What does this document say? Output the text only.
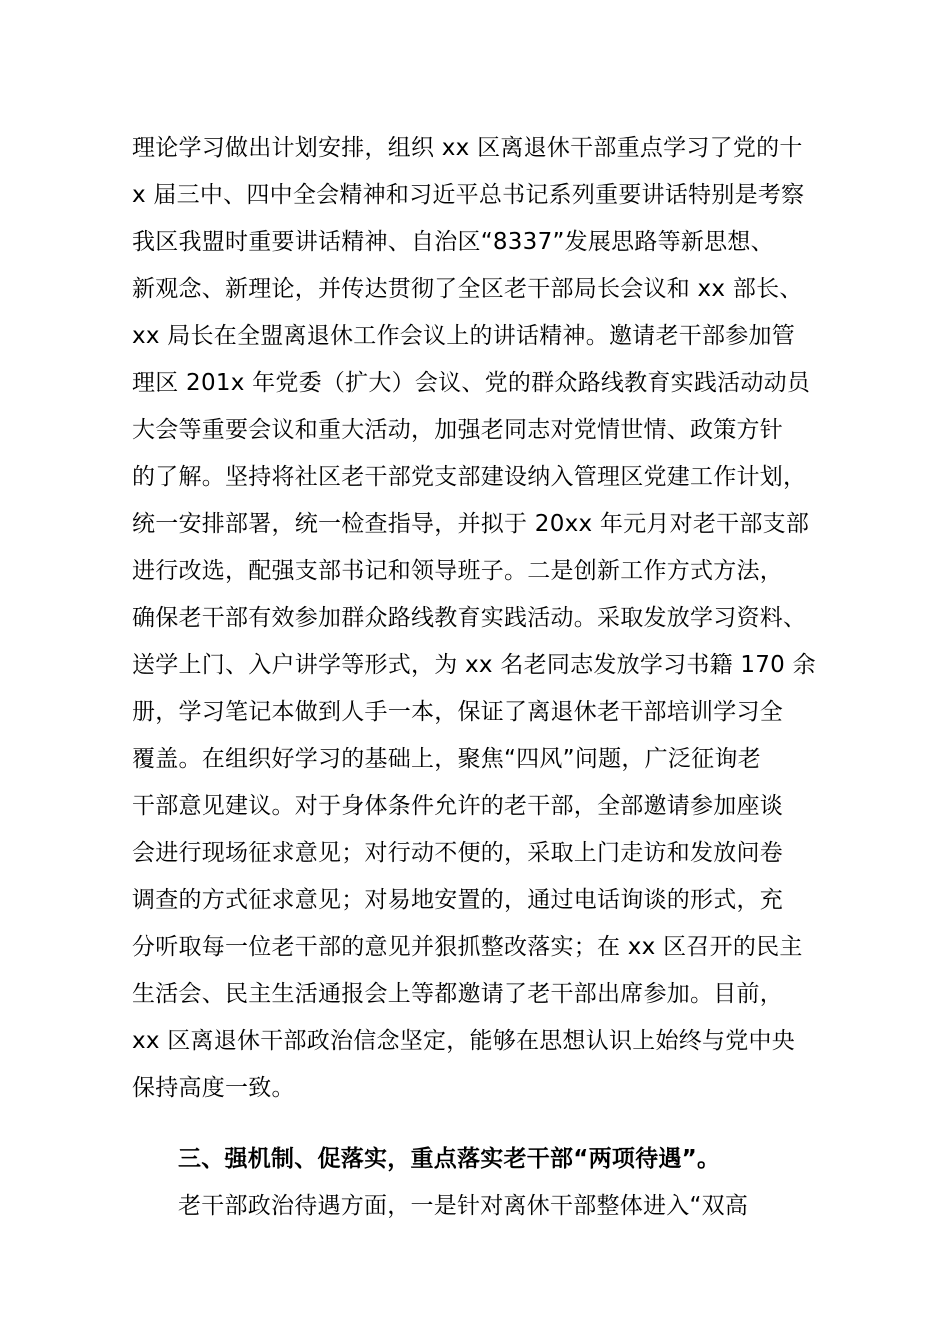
理论学习做出计划安排，组织 xx 区离退休干部重点学习了党的十
x 届三中、四中全会精神和习近平总书记系列重要讲话特别是考察
我区我盟时重要讲话精神、自治区“8337”发展思路等新思想、
新观念、新理论，并传达贯彻了全区老干部局长会议和 xx 部长、
xx 局长在全盟离退休工作会议上的讲话精神。邀请老干部参加管
理区 201x 年党委（扩大）会议、党的群众路线教育实践活动动员
大会等重要会议和重大活动，加强老同志对党情世情、政策方针
的了解。坚持将社区老干部党支部建设纳入管理区党建工作计划，
统一安排部署，统一检查指导，并拟于 20xx 年元月对老干部支部
进行改选，配强支部书记和领导班子。二是创新工作方式方法，
确保老干部有效参加群众路线教育实践活动。采取发放学习资料、
送学上门、入户讲学等形式，为 xx 名老同志发放学习书籍 170 余
册，学习笔记本做到人手一本，保证了离退休老干部培训学习全
覆盖。在组织好学习的基础上，聚焦“四风”问题，广泛征询老
干部意见建议。对于身体条件允许的老干部，全部邀请参加座谈
会进行现场征求意见；对行动不便的，采取上门走访和发放问卷
调查的方式征求意见；对易地安置的，通过电话询谈的形式，充
分听取每一位老干部的意见并狠抓整改落实；在 xx 区召开的民主
生活会、民主生活通报会上等都邀请了老干部出席参加。目前，
xx 区离退休干部政治信念坚定，能够在思想认识上始终与党中央
保持高度一致。
三、强机制、促落实，重点落实老干部“两项待遇”。
老干部政治待遇方面，一是针对离休干部整体进入“双高
